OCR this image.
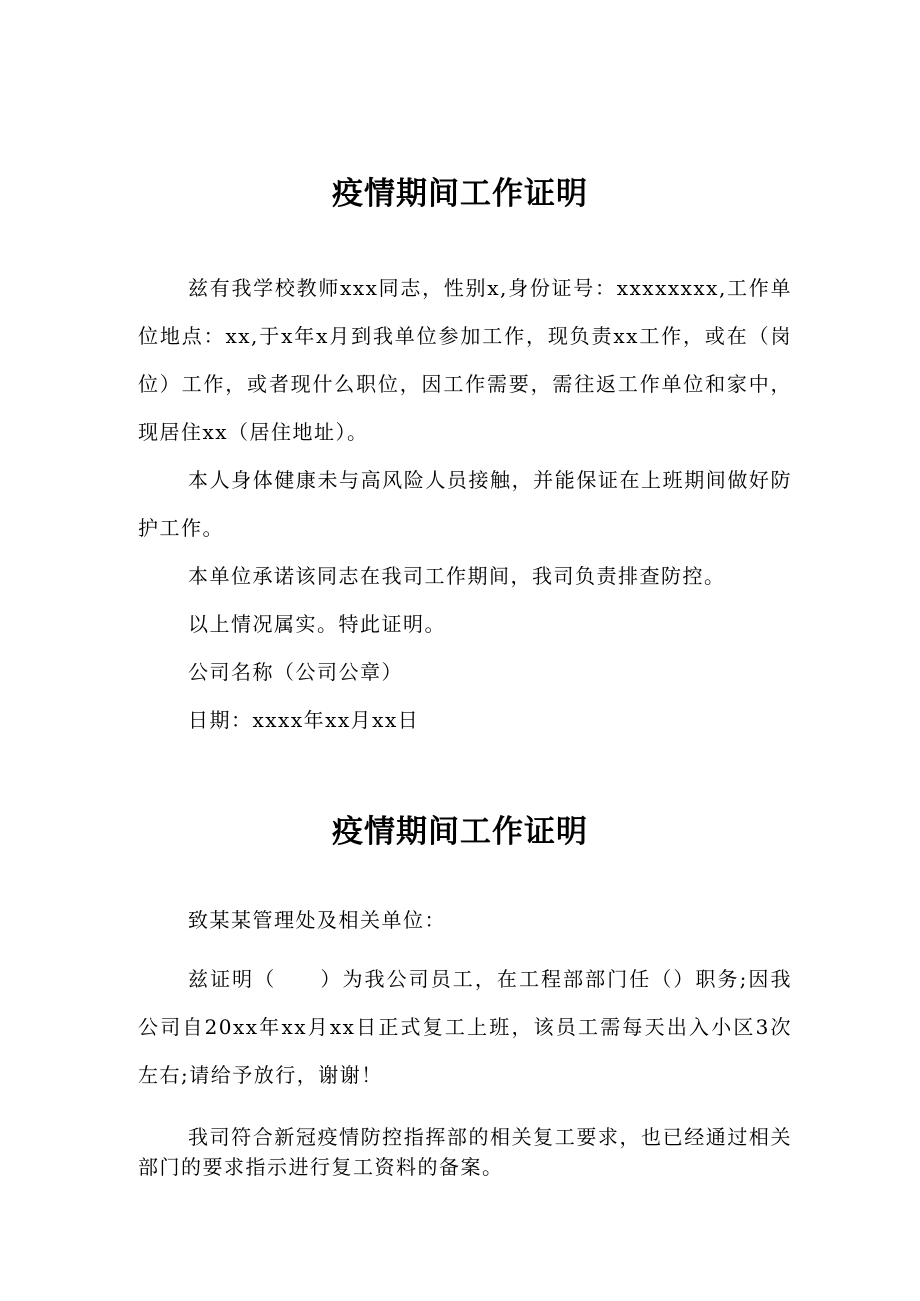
疫情期间工作证明

兹有我学校教师xxx同志，性别x,身份证号：xxxxxxxx,工作单位地点：xx,于x年x月到我单位参加工作，现负责xx工作，或在（岗位）工作，或者现什么职位，因工作需要，需往返工作单位和家中，现居住xx（居住地址）。

本人身体健康未与高风险人员接触，并能保证在上班期间做好防护工作。

本单位承诺该同志在我司工作期间，我司负责排查防控。

以上情况属实。特此证明。

公司名称（公司公章）

日期：xxxx年xx月xx日

疫情期间工作证明

致某某管理处及相关单位：

兹证明（　　）为我公司员工，在工程部部门任（）职务;因我公司自20xx年xx月xx日正式复工上班，该员工需每天出入小区3次左右;请给予放行，谢谢！

我司符合新冠疫情防控指挥部的相关复工要求，也已经通过相关部门的要求指示进行复工资料的备案。
